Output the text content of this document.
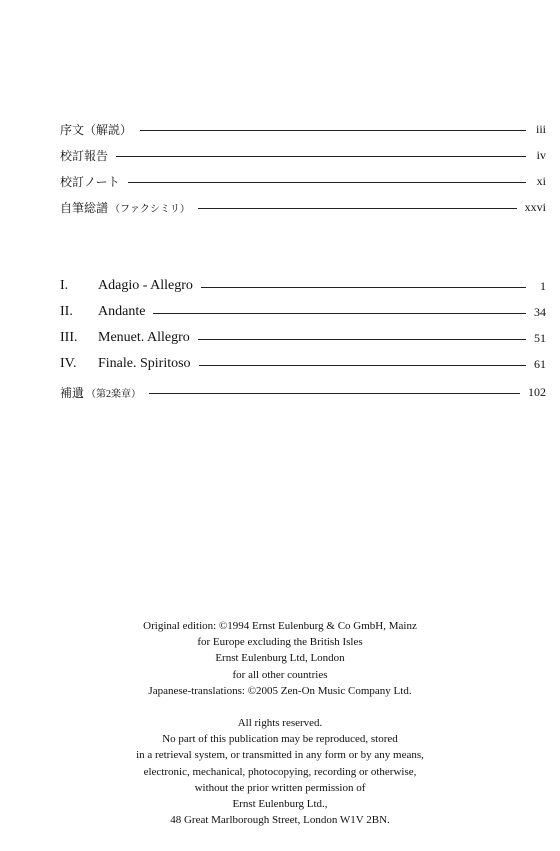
序文（解説）	iii
校訂報告	iv
校訂ノート	xi
自筆総譜 （ファクシミリ）	xxvi
I.	Adagio - Allegro	1
II.	Andante	34
III.	Menuet. Allegro	51
IV.	Finale. Spiritoso	61
補遺 （第2楽章）	102

Original edition: ©1994 Ernst Eulenburg & Co GmbH, Mainz

for Europe excluding the British Isles

Ernst Eulenburg Ltd, London

for all other countries

Japanese-translations: ©2005 Zen-On Music Company Ltd.

All rights reserved.

No part of this publication may be reproduced, stored

in a retrieval system, or transmitted in any form or by any means,

electronic, mechanical, photocopying, recording or otherwise,

without the prior written permission of

Ernst Eulenburg Ltd.,

48 Great Marlborough Street, London W1V 2BN.
